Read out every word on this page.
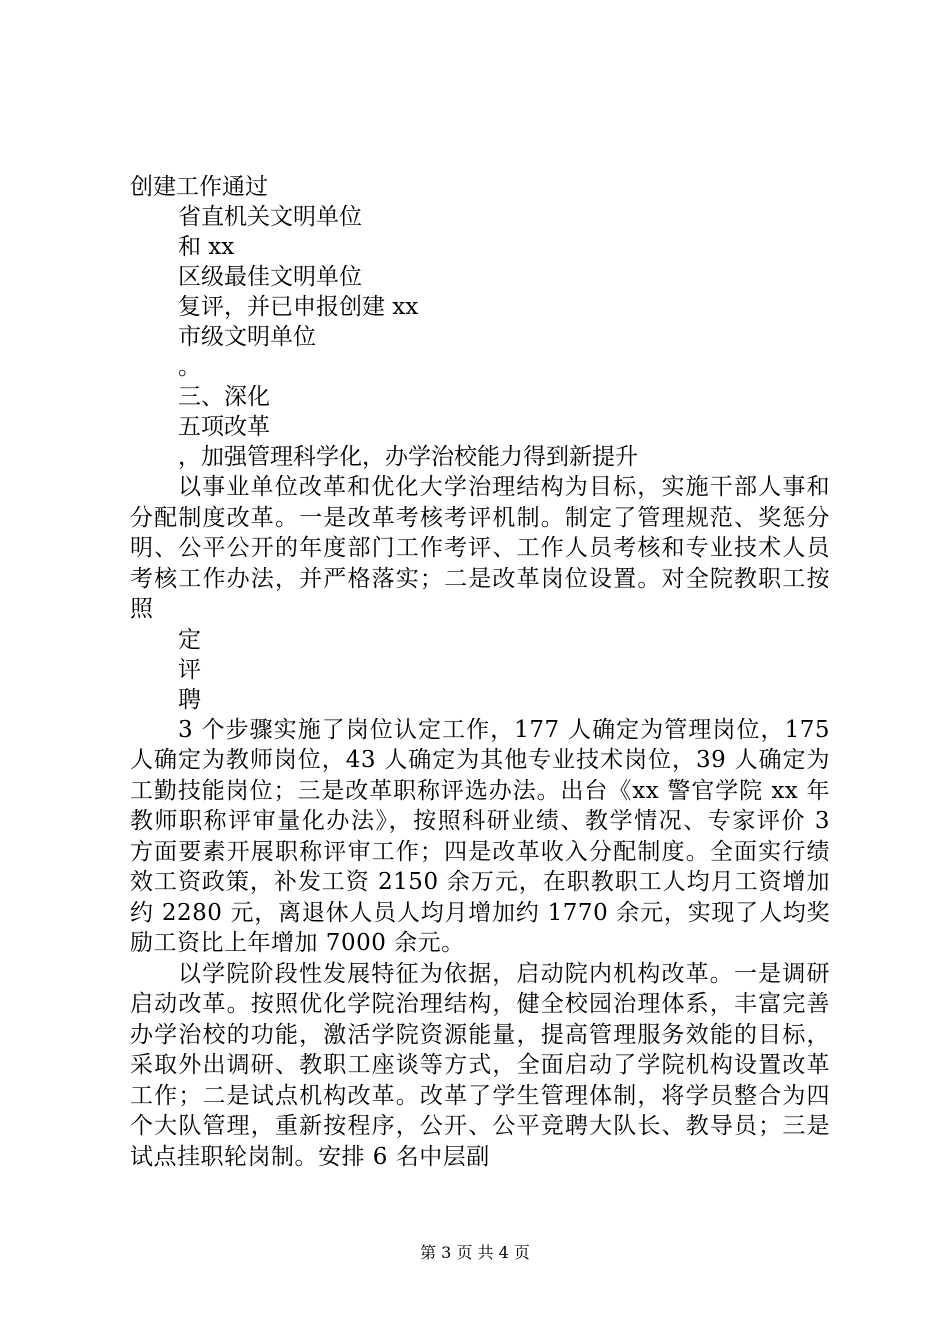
创建工作通过
省直机关文明单位
和 xx
区级最佳文明单位
复评，并已申报创建 xx
市级文明单位
。
三、深化
五项改革
，加强管理科学化，办学治校能力得到新提升

以事业单位改革和优化大学治理结构为目标，实施干部人事和分配制度改革。一是改革考核考评机制。制定了管理规范、奖惩分明、公平公开的年度部门工作考评、工作人员考核和专业技术人员考核工作办法，并严格落实；二是改革岗位设置。对全院教职工按照

定
评
聘

3 个步骤实施了岗位认定工作，177 人确定为管理岗位，175 人确定为教师岗位，43 人确定为其他专业技术岗位，39 人确定为工勤技能岗位；三是改革职称评选办法。出台《xx 警官学院 xx 年教师职称评审量化办法》，按照科研业绩、教学情况、专家评价 3 方面要素开展职称评审工作；四是改革收入分配制度。全面实行绩效工资政策，补发工资 2150 余万元，在职教职工人均月工资增加约 2280 元，离退休人员人均月增加约 1770 余元，实现了人均奖励工资比上年增加 7000 余元。

以学院阶段性发展特征为依据，启动院内机构改革。一是调研启动改革。按照优化学院治理结构，健全校园治理体系，丰富完善办学治校的功能，激活学院资源能量，提高管理服务效能的目标，采取外出调研、教职工座谈等方式，全面启动了学院机构设置改革工作；二是试点机构改革。改革了学生管理体制，将学员整合为四个大队管理，重新按程序，公开、公平竞聘大队长、教导员；三是试点挂职轮岗制。安排 6 名中层副

第 3 页 共 4 页
